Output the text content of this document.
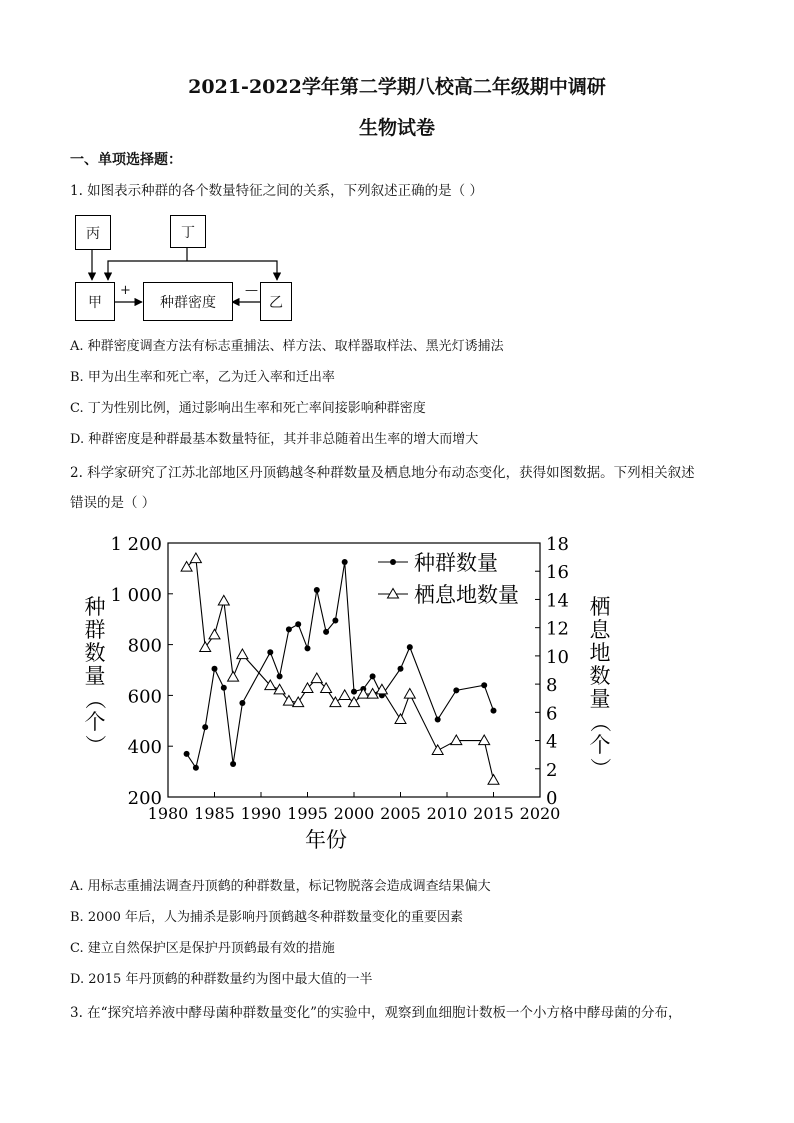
2021-2022学年第二学期八校高二年级期中调研
生物试卷
一、单项选择题：
1. 如图表示种群的各个数量特征之间的关系，下列叙述正确的是（ ）
丙	丁
甲	种群密度	乙
+	—
A. 种群密度调查方法有标志重捕法、样方法、取样器取样法、黑光灯诱捕法
B. 甲为出生率和死亡率，乙为迁入率和迁出率
C. 丁为性别比例，通过影响出生率和死亡率间接影响种群密度
D. 种群密度是种群最基本数量特征，其并非总随着出生率的增大而增大
2. 科学家研究了江苏北部地区丹顶鹤越冬种群数量及栖息地分布动态变化，获得如图数据。下列相关叙述
错误的是（ ）
1980 1985 1990 1995 2000 2005 2010 2015 2020
200
400
600
800
1 000
1 200
0
2
4
6
8
10
12
14
16
18
年份
种
群
数
量
（
个
）
栖
息
地
数
量
（
个
）
种群数量
栖息地数量
A. 用标志重捕法调查丹顶鹤的种群数量，标记物脱落会造成调查结果偏大
B. 2000 年后，人为捕杀是影响丹顶鹤越冬种群数量变化的重要因素
C. 建立自然保护区是保护丹顶鹤最有效的措施
D. 2015 年丹顶鹤的种群数量约为图中最大值的一半
3. 在“探究培养液中酵母菌种群数量变化”的实验中，观察到血细胞计数板一个小方格中酵母菌的分布，
